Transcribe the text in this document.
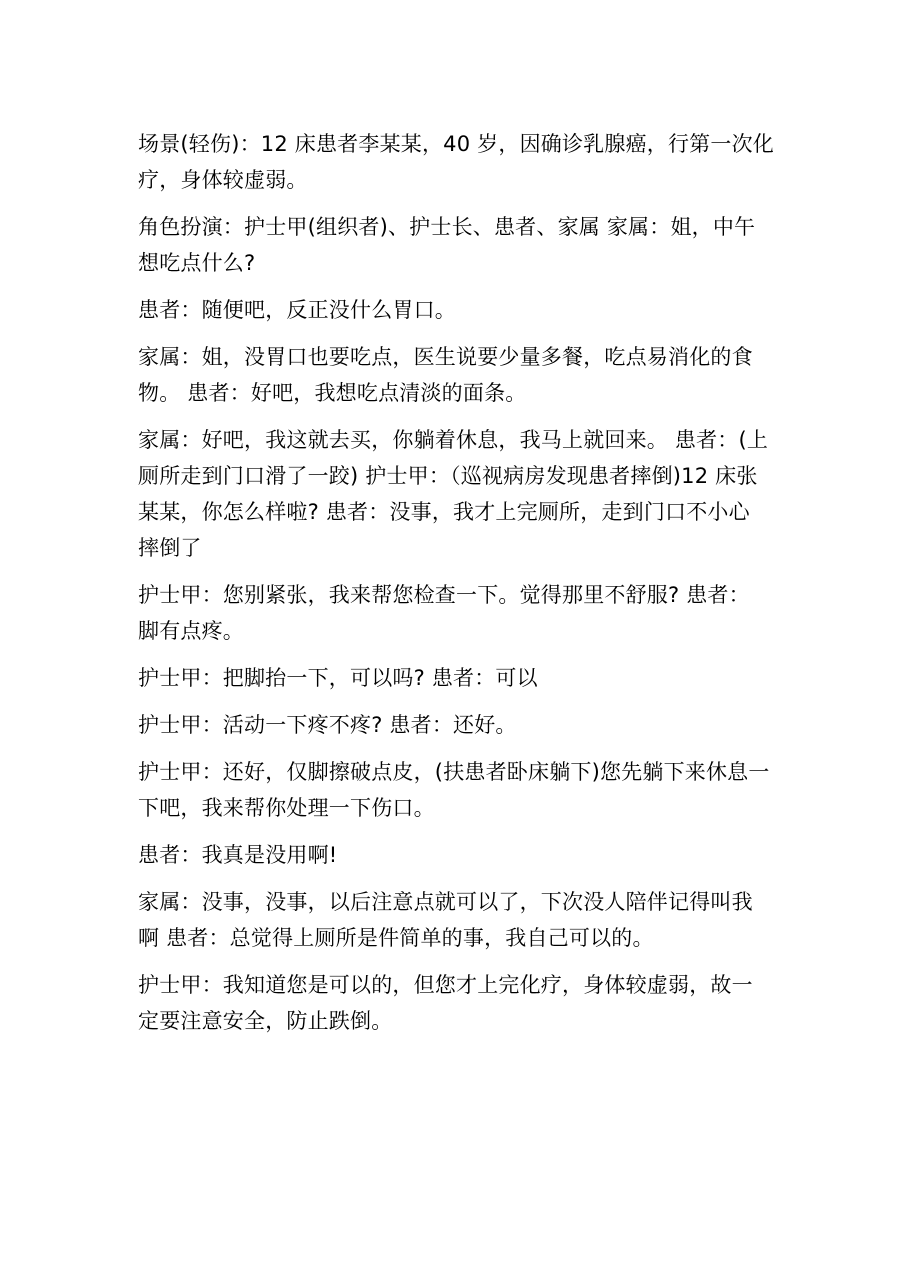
场景(轻伤)：12 床患者李某某，40 岁，因确诊乳腺癌，行第一次化
疗，身体较虚弱。

角色扮演：护士甲(组织者)、护士长、患者、家属 家属：姐，中午
想吃点什么?

患者：随便吧，反正没什么胃口。

家属：姐，没胃口也要吃点，医生说要少量多餐，吃点易消化的食
物。 患者：好吧，我想吃点清淡的面条。

家属：好吧，我这就去买，你躺着休息，我马上就回来。 患者：(上
厕所走到门口滑了一跤) 护士甲：（巡视病房发现患者摔倒)12 床张
某某，你怎么样啦? 患者：没事，我才上完厕所，走到门口不小心
摔倒了

护士甲：您别紧张，我来帮您检查一下。觉得那里不舒服? 患者：
脚有点疼。

护士甲：把脚抬一下，可以吗? 患者：可以

护士甲：活动一下疼不疼? 患者：还好。

护士甲：还好，仅脚擦破点皮，(扶患者卧床躺下)您先躺下来休息一
下吧，我来帮你处理一下伤口。

患者：我真是没用啊!

家属：没事，没事，以后注意点就可以了，下次没人陪伴记得叫我
啊 患者：总觉得上厕所是件简单的事，我自己可以的。

护士甲：我知道您是可以的，但您才上完化疗，身体较虚弱，故一
定要注意安全，防止跌倒。
